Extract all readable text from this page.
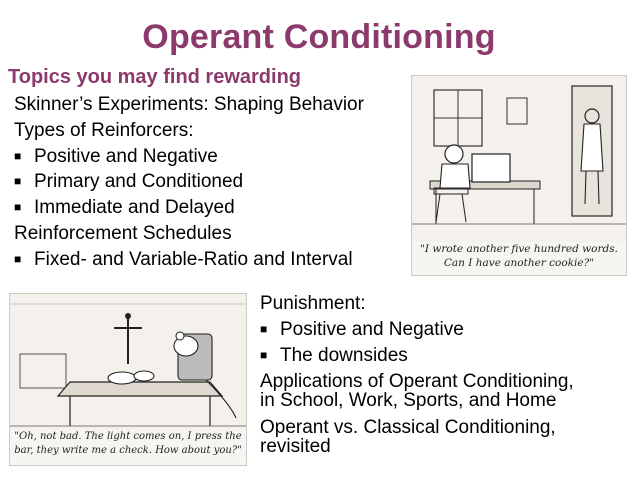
Operant Conditioning
Topics you may find rewarding
Skinner’s Experiments: Shaping Behavior
Types of Reinforcers:
■ Positive and Negative
■ Primary and Conditioned
■ Immediate and Delayed
Reinforcement Schedules
■ Fixed- and Variable-Ratio and Interval
Punishment:
■ Positive and Negative
■ The downsides
Applications of Operant Conditioning,
in School, Work, Sports, and Home
Operant vs. Classical Conditioning,
revisited
"I wrote another five hundred words.
Can I have another cookie?"
"Oh, not bad. The light comes on, I press the
bar, they write me a check. How about you?"
